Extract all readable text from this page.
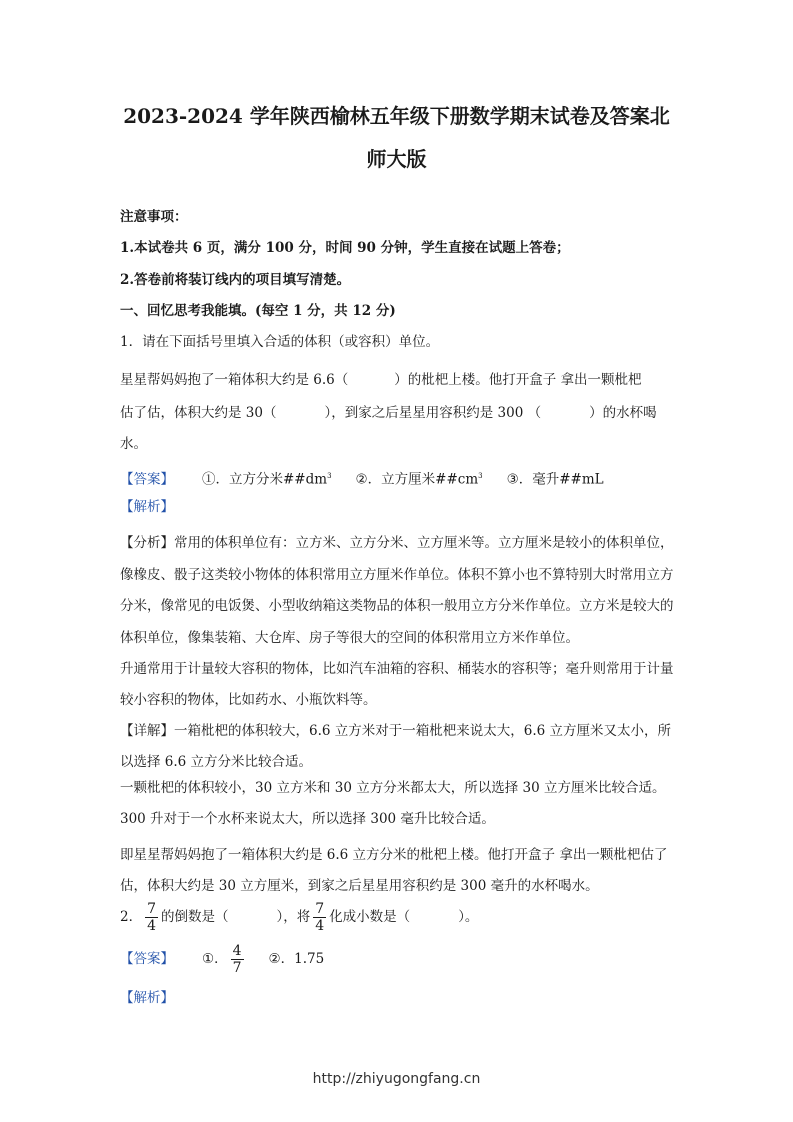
2023-2024 学年陕西榆林五年级下册数学期末试卷及答案北
师大版
注意事项：
1.本试卷共 6 页，满分 100 分，时间 90 分钟，学生直接在试题上答卷；
2.答卷前将装订线内的项目填写清楚。
一、回忆思考我能填。(每空 1 分，共 12 分)
1．请在下面括号里填入合适的体积（或容积）单位。
星星帮妈妈抱了一箱体积大约是 6.6（	）的枇杷上楼。他打开盒子 拿出一颗枇杷
估了估，体积大约是 30（	），到家之后星星用容积约是 300 （	）的水杯喝
水。
【答案】 ①．立方分米$\#\#dm^3$ ②．立方厘米$\#\#cm^3$ ③．毫升##mL
【解析】
【分析】常用的体积单位有：立方米、立方分米、立方厘米等。立方厘米是较小的体积单位，像橡皮、骰子这类较小物体的体积常用立方厘米作单位。体积不算小也不算特别大时常用立方分米，像常见的电饭煲、小型收纳箱这类物品的体积一般用立方分米作单位。立方米是较大的体积单位，像集装箱、大仓库、房子等很大的空间的体积常用立方米作单位。
升通常用于计量较大容积的物体，比如汽车油箱的容积、桶装水的容积等；毫升则常用于计量较小容积的物体，比如药水、小瓶饮料等。
【详解】一箱枇杷的体积较大，6.6 立方米对于一箱枇杷来说太大，6.6 立方厘米又太小，所以选择 6.6 立方分米比较合适。
一颗枇杷的体积较小，30 立方米和 30 立方分米都太大，所以选择 30 立方厘米比较合适。
300 升对于一个水杯来说太大，所以选择 300 毫升比较合适。
即星星帮妈妈抱了一箱体积大约是 6.6 立方分米的枇杷上楼。他打开盒子 拿出一颗枇杷估了估，体积大约是 30 立方厘米，到家之后星星用容积约是 300 毫升的水杯喝水。
2． $\frac{7}{4}$ 的倒数是（	），将 $\frac{7}{4}$ 化成小数是（	）。
【答案】 ①． $\frac{4}{7}$ ②．1.75
【解析】
http://zhiyugongfang.cn
